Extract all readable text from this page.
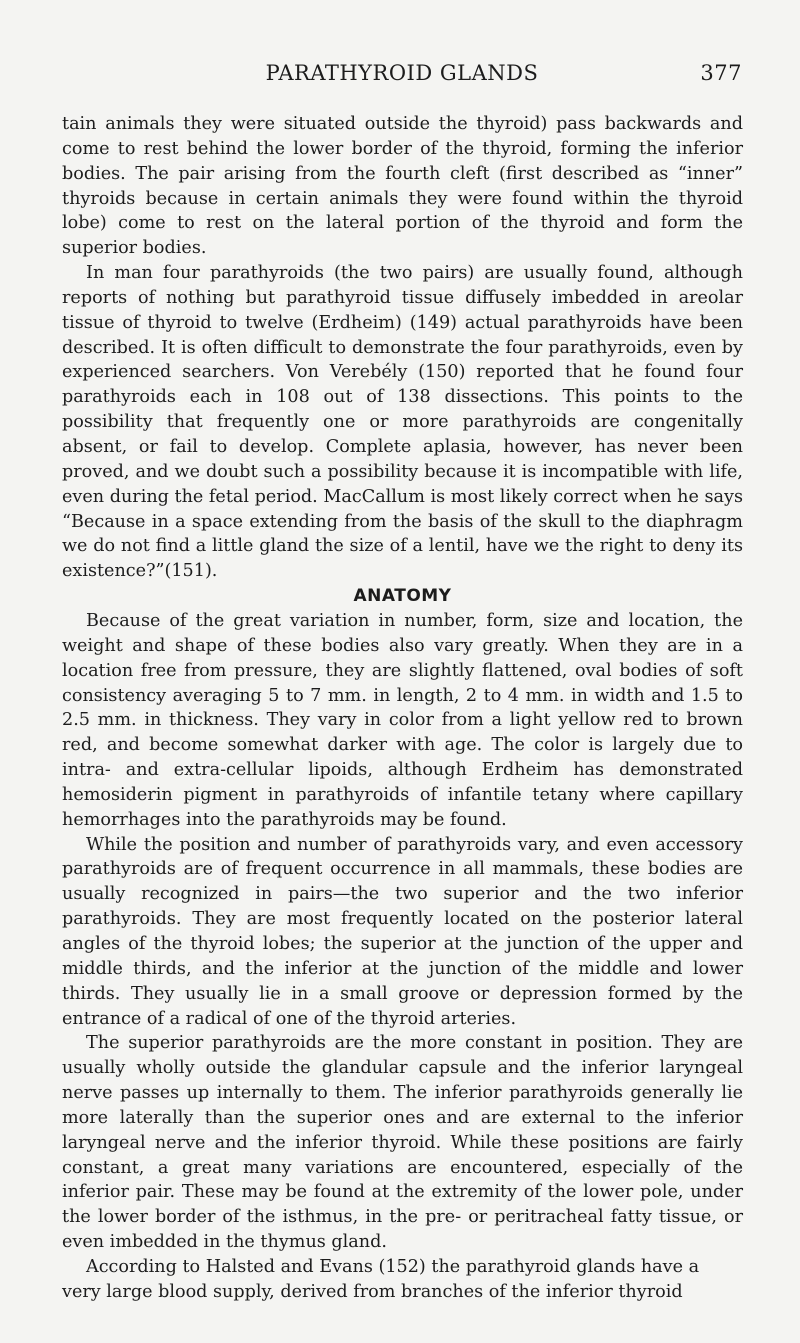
PARATHYROID GLANDS	377

tain animals they were situated outside the thyroid) pass backwards and come to rest behind the lower border of the thyroid, forming the inferior bodies. The pair arising from the fourth cleft (first described as “inner” thyroids because in certain animals they were found within the thyroid lobe) come to rest on the lateral portion of the thyroid and form the superior bodies.

In man four parathyroids (the two pairs) are usually found, although reports of nothing but parathyroid tissue diffusely imbedded in areolar tissue of thyroid to twelve (Erdheim) (149) actual parathyroids have been described. It is often difficult to demonstrate the four parathyroids, even by experienced searchers. Von Verebély (150) reported that he found four parathyroids each in 108 out of 138 dissections. This points to the possibility that frequently one or more parathyroids are congenitally absent, or fail to develop. Complete aplasia, however, has never been proved, and we doubt such a possibility because it is incompatible with life, even during the fetal period. MacCallum is most likely correct when he says “Because in a space extending from the basis of the skull to the diaphragm we do not find a little gland the size of a lentil, have we the right to deny its existence?”(151).

ANATOMY

Because of the great variation in number, form, size and location, the weight and shape of these bodies also vary greatly. When they are in a location free from pressure, they are slightly flattened, oval bodies of soft consistency averaging 5 to 7 mm. in length, 2 to 4 mm. in width and 1.5 to 2.5 mm. in thickness. They vary in color from a light yellow red to brown red, and become somewhat darker with age. The color is largely due to intra- and extra-cellular lipoids, although Erdheim has demonstrated hemosiderin pigment in parathyroids of infantile tetany where capillary hemorrhages into the parathyroids may be found.

While the position and number of parathyroids vary, and even accessory parathyroids are of frequent occurrence in all mammals, these bodies are usually recognized in pairs—the two superior and the two inferior parathyroids. They are most frequently located on the posterior lateral angles of the thyroid lobes; the superior at the junction of the upper and middle thirds, and the inferior at the junction of the middle and lower thirds. They usually lie in a small groove or depression formed by the entrance of a radical of one of the thyroid arteries.

The superior parathyroids are the more constant in position. They are usually wholly outside the glandular capsule and the inferior laryngeal nerve passes up internally to them. The inferior parathyroids generally lie more laterally than the superior ones and are external to the inferior laryngeal nerve and the inferior thyroid. While these positions are fairly constant, a great many variations are encountered, especially of the inferior pair. These may be found at the extremity of the lower pole, under the lower border of the isthmus, in the pre- or peritracheal fatty tissue, or even imbedded in the thymus gland.

According to Halsted and Evans (152) the parathyroid glands have a very large blood supply, derived from branches of the inferior thyroid
